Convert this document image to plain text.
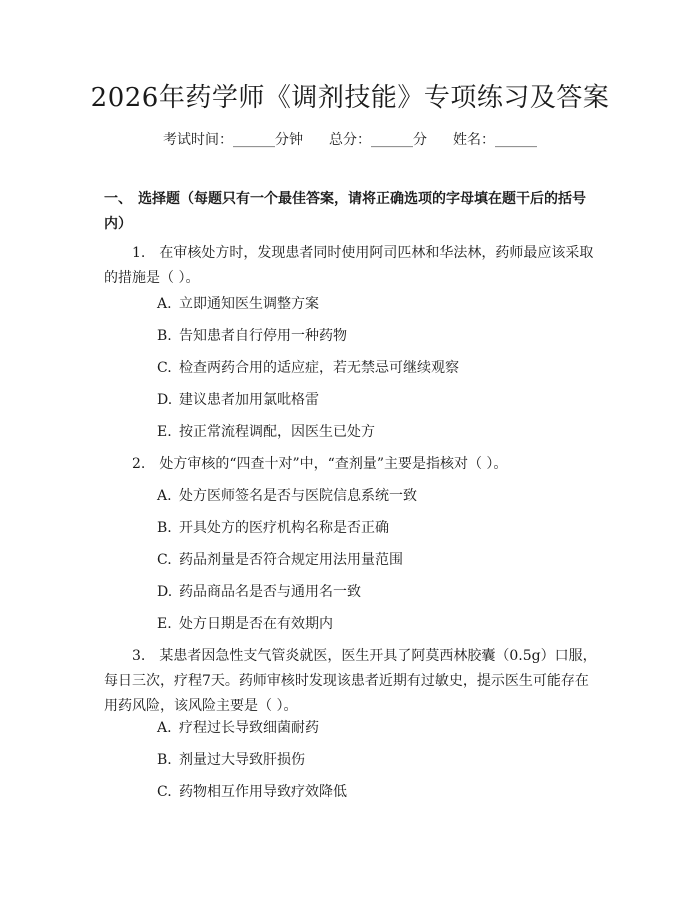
2026年药学师《调剂技能》专项练习及答案
考试时间：______分钟 总分：______分 姓名：______
一、 选择题（每题只有一个最佳答案，请将正确选项的字母填在题干后的括号内）
1.　在审核处方时，发现患者同时使用阿司匹林和华法林，药师最应该采取的措施是（ ）。
A. 立即通知医生调整方案
B. 告知患者自行停用一种药物
C. 检查两药合用的适应症，若无禁忌可继续观察
D. 建议患者加用氯吡格雷
E. 按正常流程调配，因医生已处方
2.　处方审核的“四查十对”中，“查剂量”主要是指核对（ ）。
A. 处方医师签名是否与医院信息系统一致
B. 开具处方的医疗机构名称是否正确
C. 药品剂量是否符合规定用法用量范围
D. 药品商品名是否与通用名一致
E. 处方日期是否在有效期内
3.　某患者因急性支气管炎就医，医生开具了阿莫西林胶囊（0.5g）口服，每日三次，疗程7天。药师审核时发现该患者近期有过敏史，提示医生可能存在用药风险，该风险主要是（ ）。
A. 疗程过长导致细菌耐药
B. 剂量过大导致肝损伤
C. 药物相互作用导致疗效降低
